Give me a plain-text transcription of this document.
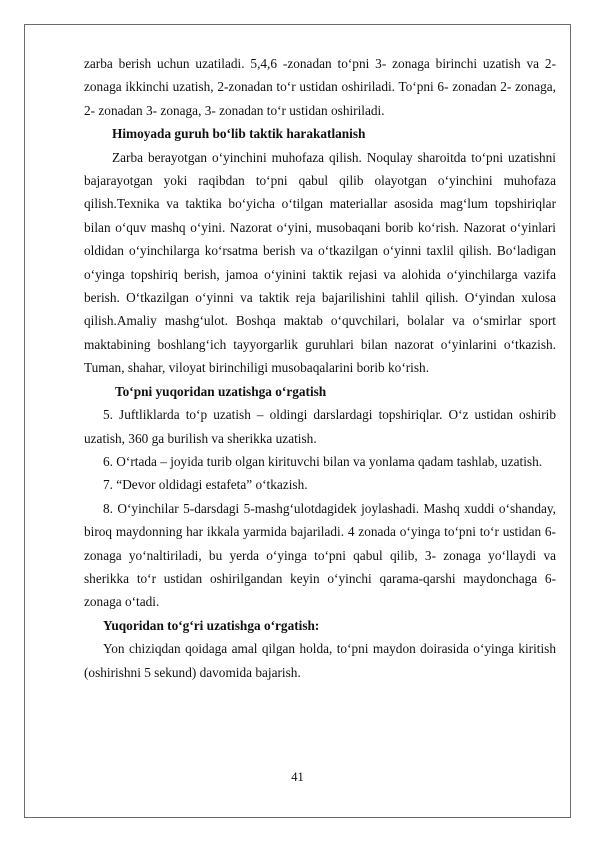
zarba berish uchun uzatiladi. 5,4,6 -zonadan to‘pni 3- zonaga birinchi uzatish va 2- zonaga ikkinchi uzatish, 2-zonadan to‘r ustidan oshiriladi. To‘pni 6- zonadan 2- zonaga, 2- zonadan 3- zonaga, 3- zonadan to‘r ustidan oshiriladi.

Himoyada guruh bo‘lib taktik harakatlanish

Zarba berayotgan o‘yinchini muhofaza qilish. Noqulay sharoitda to‘pni uzatishni bajarayotgan yoki raqibdan to‘pni qabul qilib olayotgan o‘yinchini muhofaza qilish.Texnika va taktika bo‘yicha o‘tilgan materiallar asosida mag‘lum topshiriqlar bilan o‘quv mashq o‘yini. Nazorat o‘yini, musobaqani borib ko‘rish. Nazorat o‘yinlari oldidan o‘yinchilarga ko‘rsatma berish va o‘tkazilgan o‘yinni taxlil qilish. Bo‘ladigan o‘yinga topshiriq berish, jamoa o‘yinini taktik rejasi va alohida o‘yinchilarga vazifa berish. O‘tkazilgan o‘yinni va taktik reja bajarilishini tahlil qilish. O‘yindan xulosa qilish.Amaliy mashg‘ulot. Boshqa maktab o‘quvchilari, bolalar va o‘smirlar sport maktabining boshlang‘ich tayyorgarlik guruhlari bilan nazorat o‘yinlarini o‘tkazish. Tuman, shahar, viloyat birinchiligi musobaqalarini borib ko‘rish.

To‘pni yuqoridan uzatishga o‘rgatish

5. Juftliklarda to‘p uzatish – oldingi darslardagi topshiriqlar. O‘z ustidan oshirib uzatish, 360 ga burilish va sherikka uzatish.

6. O‘rtada – joyida turib olgan kirituvchi bilan va yonlama qadam tashlab, uzatish.

7. “Devor oldidagi estafeta” o‘tkazish.

8. O‘yinchilar 5-darsdagi 5-mashg‘ulotdagidek joylashadi. Mashq xuddi o‘shanday, biroq maydonning har ikkala yarmida bajariladi. 4 zonada o‘yinga to‘pni to‘r ustidan 6-zonaga yo‘naltiriladi, bu yerda o‘yinga to‘pni qabul qilib, 3- zonaga yo‘llaydi va sherikka to‘r ustidan oshirilgandan keyin o‘yinchi qarama-qarshi maydonchaga 6-zonaga o‘tadi.

Yuqoridan to‘g‘ri uzatishga o‘rgatish:

Yon chiziqdan qoidaga amal qilgan holda, to‘pni maydon doirasida o‘yinga kiritish (oshirishni 5 sekund) davomida bajarish.

41
